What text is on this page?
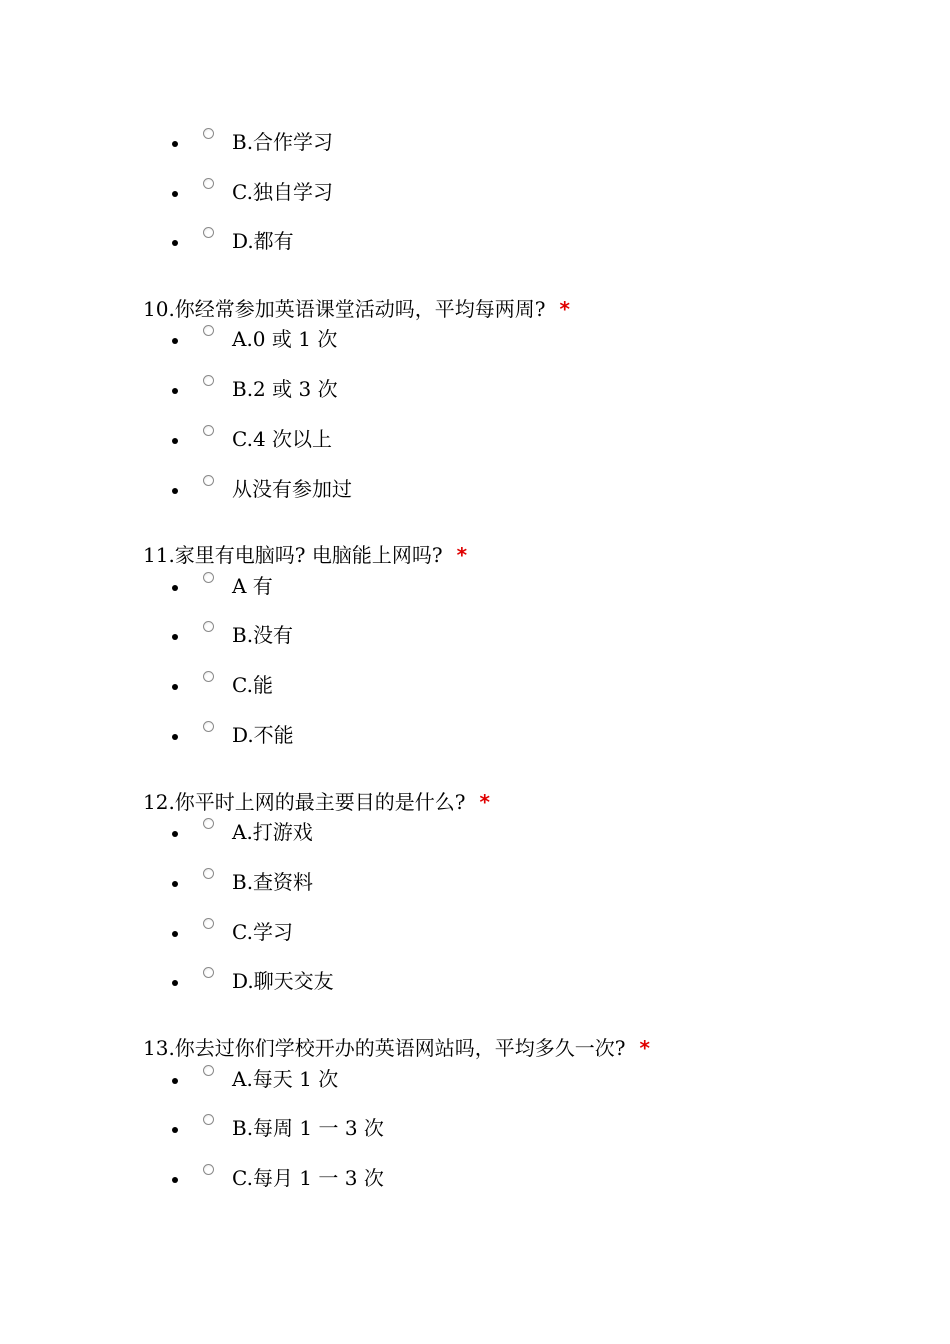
B.合作学习
C.独自学习
D.都有
10.你经常参加英语课堂活动吗，平均每两周? *
A.0 或 1 次
B.2 或 3 次
C.4 次以上
从没有参加过
11.家里有电脑吗? 电脑能上网吗? *
A 有
B.没有
C.能
D.不能
12.你平时上网的最主要目的是什么? *
A.打游戏
B.查资料
C.学习
D.聊天交友
13.你去过你们学校开办的英语网站吗，平均多久一次? *
A.每天 1 次
B.每周 1 一 3 次
C.每月 1 一 3 次
